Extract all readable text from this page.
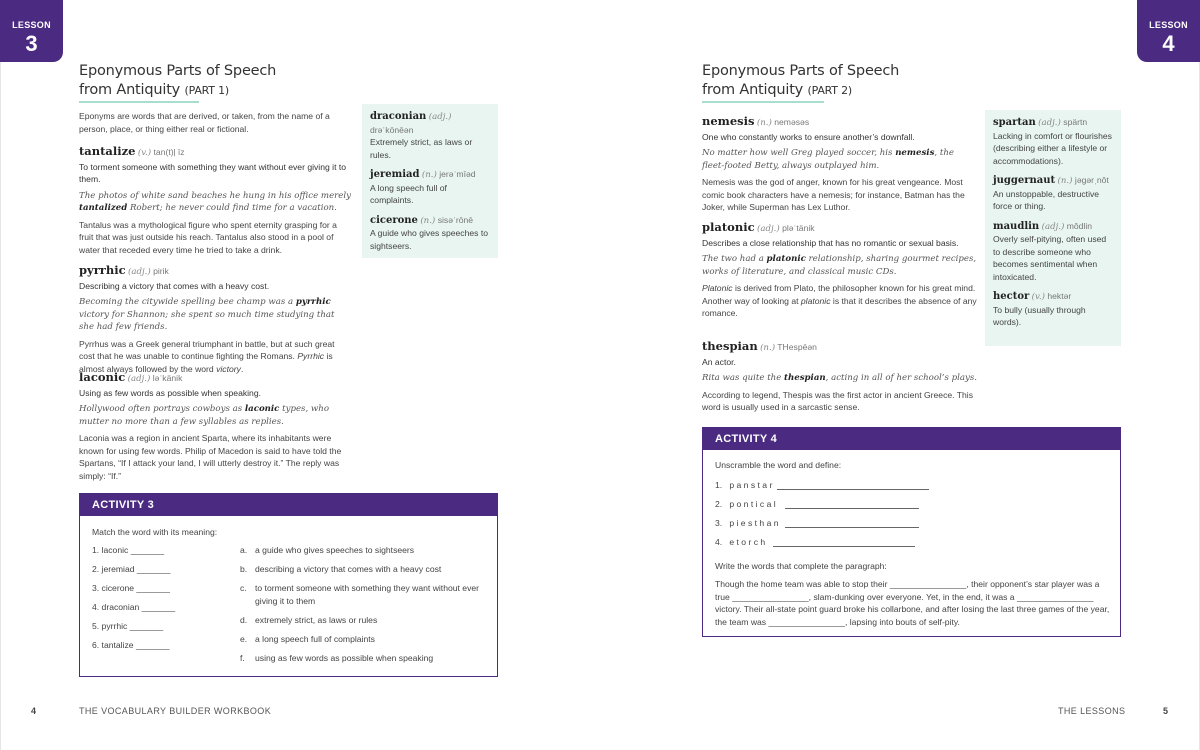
LESSON
3
Eponymous Parts of Speech
from Antiquity (PART 1)
Eponyms are words that are derived, or taken, from the name of a person, place, or thing either real or fictional.
tantalize (v.) tan(t)ļ īz
To torment someone with something they want without ever giving it to them.
The photos of white sand beaches he hung in his office merely tantalized Robert; he never could find time for a vacation.
Tantalus was a mythological figure who spent eternity grasping for a fruit that was just outside his reach. Tantalus also stood in a pool of water that receded every time he tried to take a drink.
pyrrhic (adj.) pirik
Describing a victory that comes with a heavy cost.
Becoming the citywide spelling bee champ was a pyrrhic victory for Shannon; she spent so much time studying that she had few friends.
Pyrrhus was a Greek general triumphant in battle, but at such great cost that he was unable to continue fighting the Romans. Pyrrhic is almost always followed by the word victory.
laconic (adj.) ləˈkänik
Using as few words as possible when speaking.
Hollywood often portrays cowboys as laconic types, who mutter no more than a few syllables as replies.
Laconia was a region in ancient Sparta, where its inhabitants were known for using few words. Philip of Macedon is said to have told the Spartans, “If I attack your land, I will utterly destroy it.” The reply was simply: “If.”
draconian (adj.)
drəˈkōnēən
Extremely strict, as laws or rules.
jeremiad (n.) jerəˈmīəd
A long speech full of complaints.
cicerone (n.) sisəˈrōnē
A guide who gives speeches to sightseers.
ACTIVITY 3
Match the word with its meaning:
1. laconic _______
2. jeremiad _______
3. cicerone _______
4. draconian _______
5. pyrrhic _______
6. tantalize _______
a. a guide who gives speeches to sightseers
b. describing a victory that comes with a heavy cost
c. to torment someone with something they want without ever giving it to them
d. extremely strict, as laws or rules
e. a long speech full of complaints
f. using as few words as possible when speaking
4	THE VOCABULARY BUILDER WORKBOOK
LESSON
4
Eponymous Parts of Speech
from Antiquity (PART 2)
nemesis (n.) neməsəs
One who constantly works to ensure another’s downfall.
No matter how well Greg played soccer, his nemesis, the fleet-footed Betty, always outplayed him.
Nemesis was the god of anger, known for his great vengeance. Most comic book characters have a nemesis; for instance, Batman has the Joker, while Superman has Lex Luthor.
platonic (adj.) pləˈtänik
Describes a close relationship that has no romantic or sexual basis.
The two had a platonic relationship, sharing gourmet recipes, works of literature, and classical music CDs.
Platonic is derived from Plato, the philosopher known for his great mind. Another way of looking at platonic is that it describes the absence of any romance.
thespian (n.) THespēən
An actor.
Rita was quite the thespian, acting in all of her school’s plays.
According to legend, Thespis was the first actor in ancient Greece. This word is usually used in a sarcastic sense.
spartan (adj.) spärtn
Lacking in comfort or flourishes (describing either a lifestyle or accommodations).
juggernaut (n.) jəgərˌnôt
An unstoppable, destructive force or thing.
maudlin (adj.) môdlin
Overly self-pitying, often used to describe someone who becomes sentimental when intoxicated.
hector (v.) hektər
To bully (usually through words).
ACTIVITY 4
Unscramble the word and define:
1. p a n s t a r
2. p o n t i c a l
3. p i e s t h a n
4. e t o r c h
Write the words that complete the paragraph:
Though the home team was able to stop their ________________, their opponent’s star player was a true ________________, slam-dunking over everyone. Yet, in the end, it was a ________________ victory. Their all-state point guard broke his collarbone, and after losing the last three games of the year, the team was ________________, lapsing into bouts of self-pity.
THE LESSONS	5
